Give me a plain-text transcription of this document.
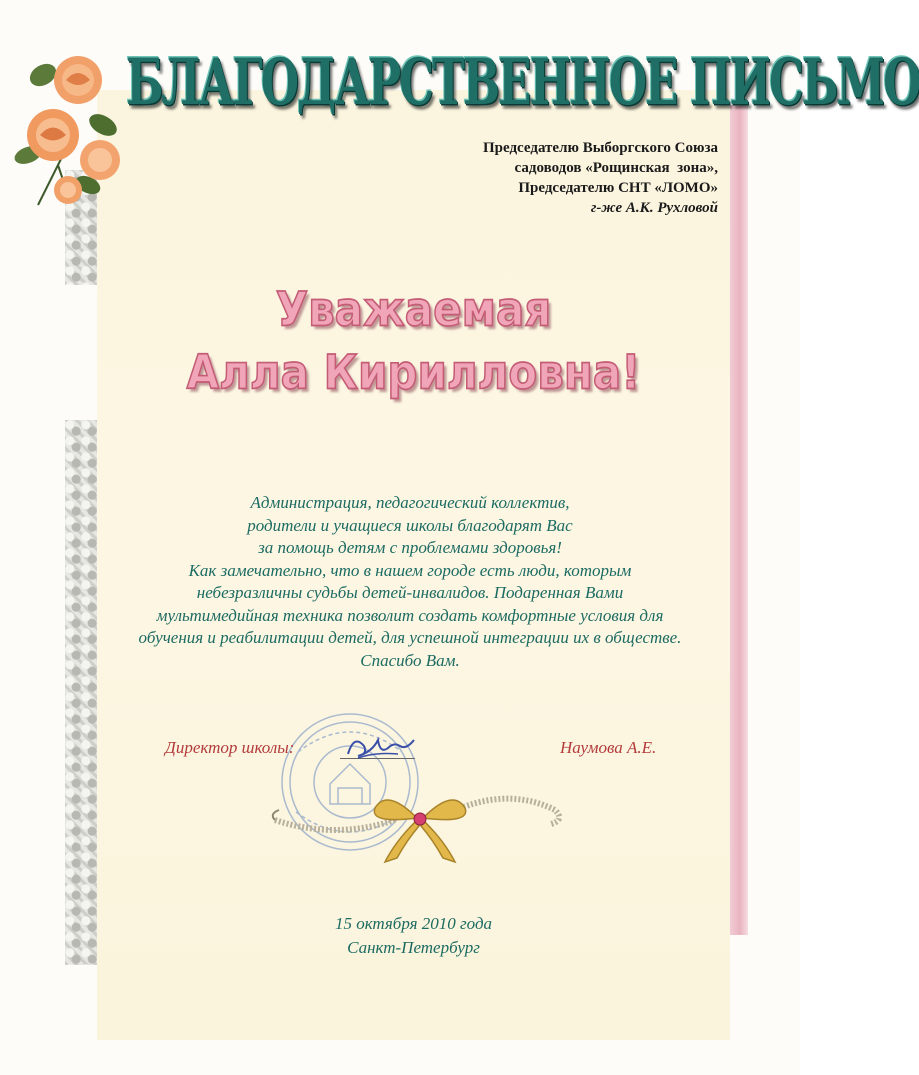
БЛАГОДАРСТВЕННОЕ ПИСЬМО
Председателю Выборгского Союза
садоводов «Рощинская  зона»,
Председателю СНТ «ЛОМО»
г-же А.К. Рухловой
Уважаемая
Алла Кирилловна!
Администрация, педагогический коллектив,
родители и учащиеся школы благодарят Вас
за помощь детям с проблемами здоровья!
Как замечательно, что в нашем городе есть люди, которым
небезразличны судьбы детей-инвалидов. Подаренная Вами
мультимедийная техника позволит создать комфортные условия для
обучения и реабилитации детей, для успешной интеграции их в обществе.
Спасибо Вам.
Директор школы:	Наумова А.Е.
15 октября 2010 года
Санкт-Петербург
